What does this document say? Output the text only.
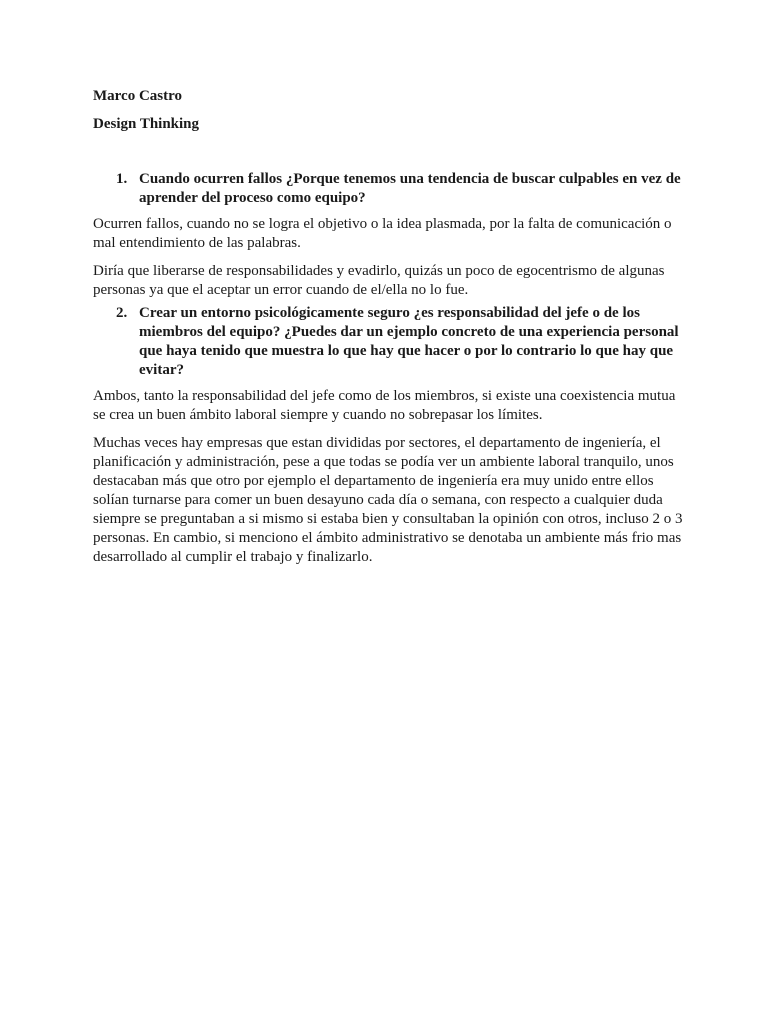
Marco Castro

Design Thinking

1. Cuando ocurren fallos ¿Porque tenemos una tendencia de buscar culpables en vez de aprender del proceso como equipo?

Ocurren fallos, cuando no se logra el objetivo o la idea plasmada, por la falta de comunicación o mal entendimiento de las palabras.

Diría que liberarse de responsabilidades y evadirlo, quizás un poco de egocentrismo de algunas personas ya que el aceptar un error cuando de el/ella no lo fue.

2. Crear un entorno psicológicamente seguro ¿es responsabilidad del jefe o de los miembros del equipo? ¿Puedes dar un ejemplo concreto de una experiencia personal que haya tenido que muestra lo que hay que hacer o por lo contrario lo que hay que evitar?

Ambos, tanto la responsabilidad del jefe como de los miembros, si existe una coexistencia mutua se crea un buen ámbito laboral siempre y cuando no sobrepasar los límites.

Muchas veces hay empresas que estan divididas por sectores, el departamento de ingeniería, el planificación y administración, pese a que todas se podía ver un ambiente laboral tranquilo, unos destacaban más que otro por ejemplo el departamento de ingeniería era muy unido entre ellos solían turnarse para comer un buen desayuno cada día o semana, con respecto a cualquier duda siempre se preguntaban a si mismo si estaba bien y consultaban la opinión con otros, incluso 2 o 3 personas. En cambio, si menciono el ámbito administrativo se denotaba un ambiente más frio mas desarrollado al cumplir el trabajo y finalizarlo.
